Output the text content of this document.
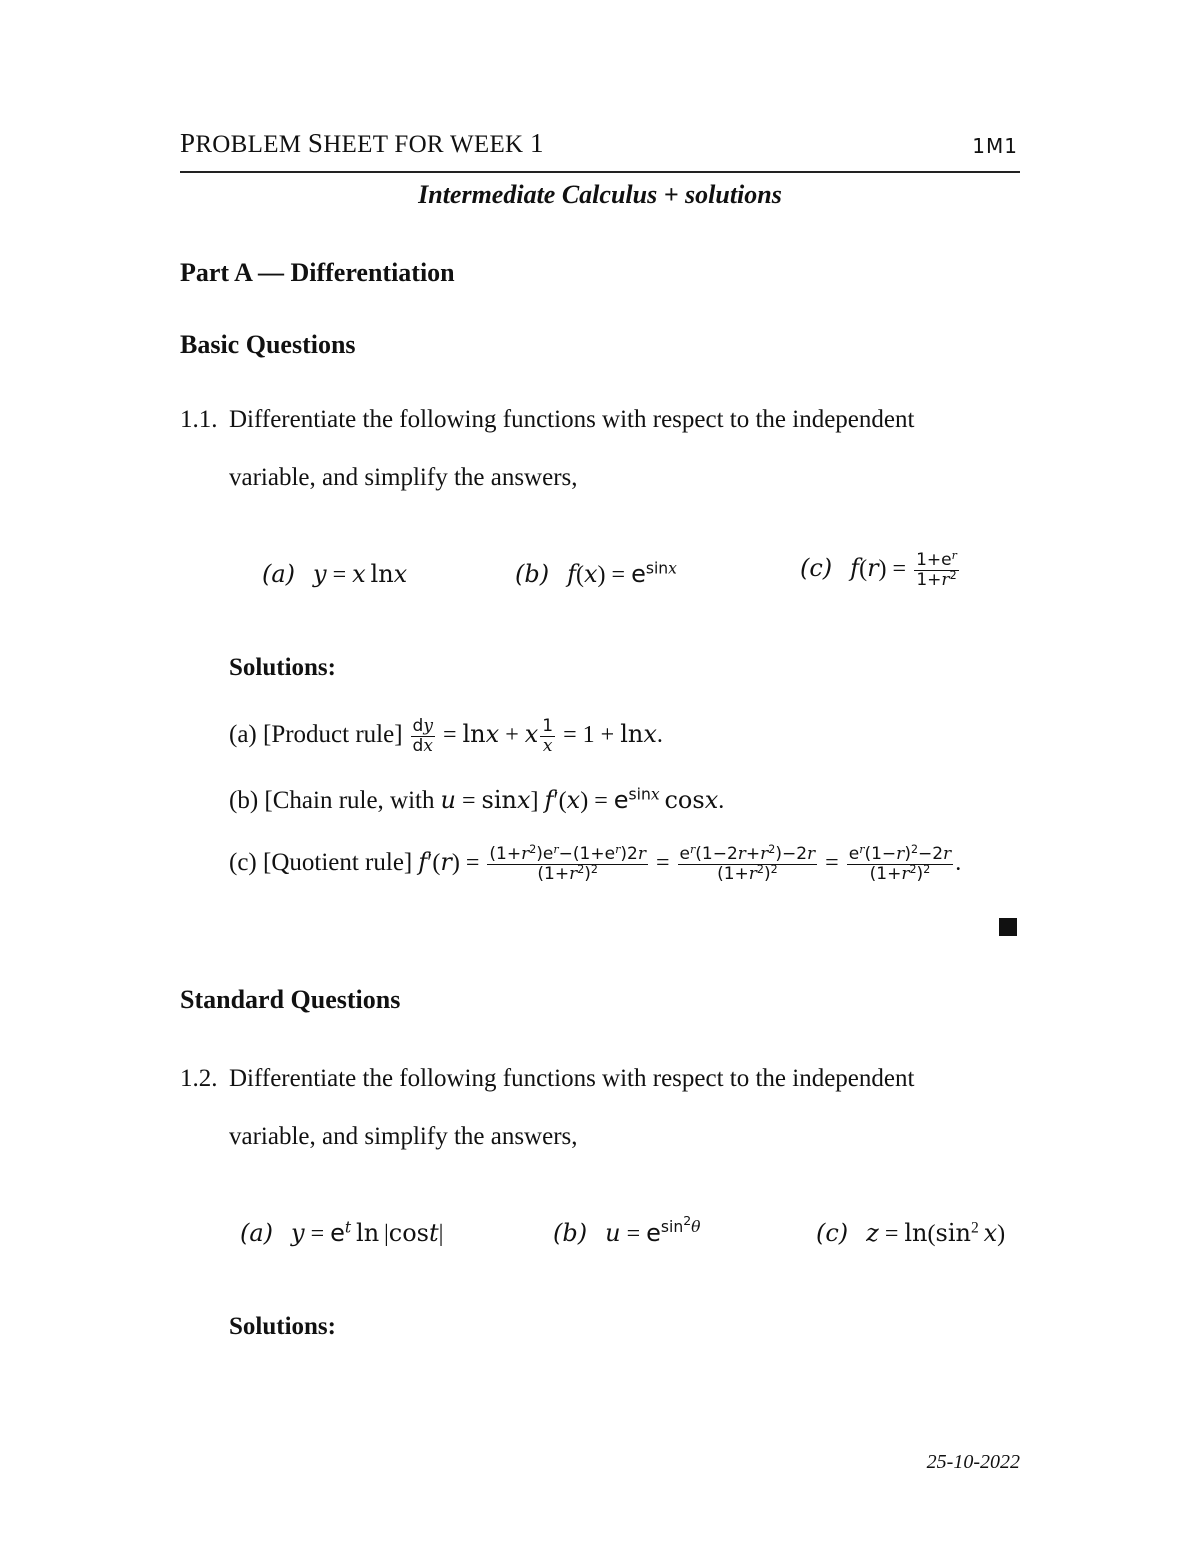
PROBLEM SHEET FOR WEEK 1	1M1
Intermediate Calculus + solutions
Part A — Differentiation
Basic Questions
1.1. Differentiate the following functions with respect to the independent
variable, and simplify the answers,
(a) y = x  lnx	(b) $f(x) = e^{sinx}$	(c) $f(r) = \frac{1+e^r}{1+r^2}$
Solutions:
(a) [Product rule] $\frac{dy}{dx} = \ln x + x \frac{1}{x} = 1 + \ln x$.
(b) [Chain rule, with u = sinx] $f'(x) = e^{sinx}$  cosx.
(c) [Quotient rule] $f'(r) = \frac{(1+r^2)e^r-(1+e^r)2r}{(1+r^2)^2} = \frac{e^r(1-2r+r^2)-2r}{(1+r^2)^2} = \frac{e^r(1-r)^2-2r}{(1+r^2)^2}$ .
Standard Questions
1.2. Differentiate the following functions with respect to the independent
variable, and simplify the answers,
(a) $y = e^t$  ln |cost|	(b) $u = e^{sin^2\theta}$	(c) $z = \ln(\sin^2$  x)
Solutions:
25-10-2022
